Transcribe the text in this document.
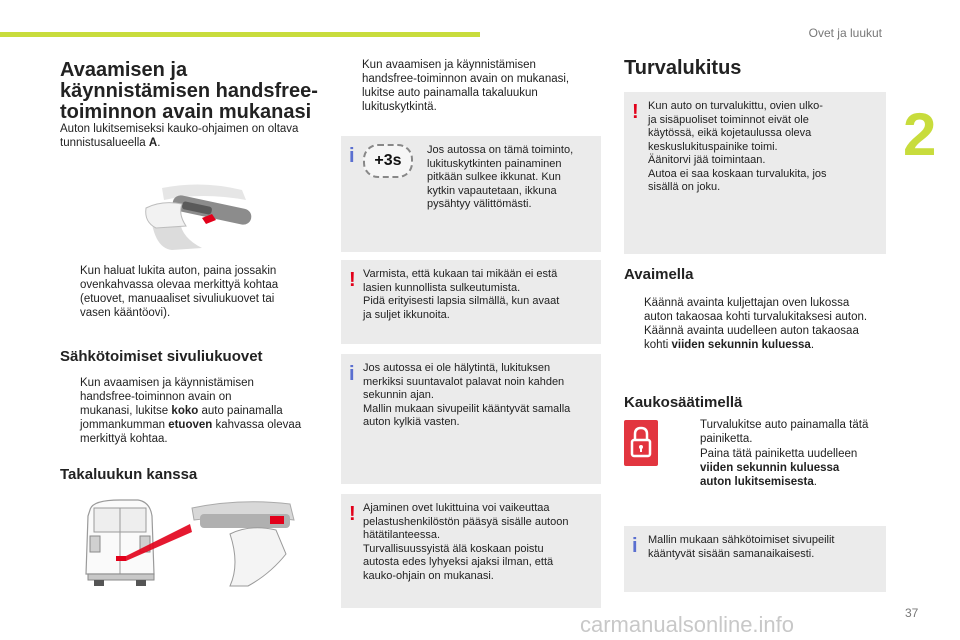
Ovet ja luukut
2
37
Avaamisen ja
käynnistämisen handsfree-
toiminnon avain mukanasi
Auton lukitsemiseksi kauko-ohjaimen on oltava tunnistusalueella A.
Kun haluat lukita auton, paina jossakin
ovenkahvassa olevaa merkittyä kohtaa
(etuovet, manuaaliset sivuliukuovet tai
vasen kääntöovi).
Sähkötoimiset sivuliukuovet
Kun avaamisen ja käynnistämisen
handsfree-toiminnon avain on
mukanasi, lukitse koko auto painamalla
jommankumman etuoven kahvassa olevaa
merkittyä kohtaa.
Takaluukun kanssa
Kun avaamisen ja käynnistämisen
handsfree-toiminnon avain on mukanasi,
lukitse auto painamalla takaluukun
lukituskytkintä.
i	+3s
Jos autossa on tämä toiminto,
lukituskytkinten painaminen
pitkään sulkee ikkunat. Kun
kytkin vapautetaan, ikkuna
pysähtyy välittömästi.
! Varmista, että kukaan tai mikään ei estä
lasien kunnollista sulkeutumista.
Pidä erityisesti lapsia silmällä, kun avaat
ja suljet ikkunoita.
i Jos autossa ei ole hälytintä, lukituksen
merkiksi suuntavalot palavat noin kahden
sekunnin ajan.
Mallin mukaan sivupeilit kääntyvät samalla
auton kylkiä vasten.
! Ajaminen ovet lukittuina voi vaikeuttaa
pelastushenkilöstön pääsyä sisälle autoon
hätätilanteessa.
Turvallisuussyistä älä koskaan poistu
autosta edes lyhyeksi ajaksi ilman, että
kauko-ohjain on mukanasi.
Turvalukitus
! Kun auto on turvalukittu, ovien ulko-
ja sisäpuoliset toiminnot eivät ole
käytössä, eikä kojetaulussa oleva
keskuslukituspainike toimi.
Äänitorvi jää toimintaan.
Autoa ei saa koskaan turvalukita, jos
sisällä on joku.
Avaimella
Käännä avainta kuljettajan oven lukossa
auton takaosaa kohti turvalukitaksesi auton.
Käännä avainta uudelleen auton takaosaa
kohti viiden sekunnin kuluessa.
Kaukosäätimellä
Turvalukitse auto painamalla tätä
painiketta.
Paina tätä painiketta uudelleen
viiden sekunnin kuluessa
auton lukitsemisesta.
i Mallin mukaan sähkötoimiset sivupeilit
kääntyvät sisään samanaikaisesti.
carmanualsonline.info
